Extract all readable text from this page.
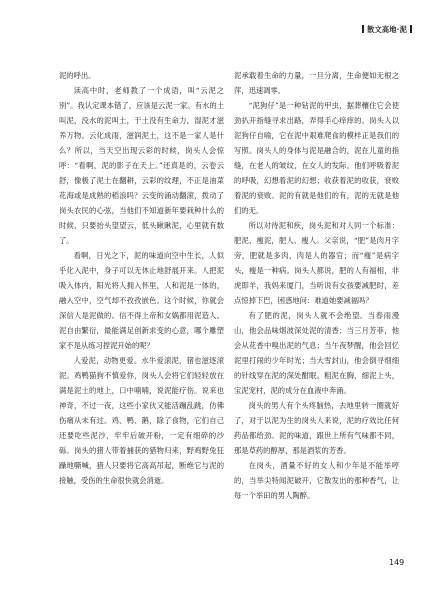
散文高地·泥

泥的呼出。

读高中时，老师教了一个成语，叫“云泥之别”。我认定课本错了，应该是云泥一家。有水的土叫泥，没水的泥叫土，干土没有生命力，湿泥才滋养万物。云化成雨，滋润泥土，这不是一家人是什么？所以，当天空出现云彩的时候，岗头人会惊呼：“看啊，泥的影子在天上。”还真是的，云卷云舒，像极了泥土在翻耕，云彩的纹理，不正是油菜花海或是成熟的稻浪吗？云变的涌动翻滚，拨动了岗头农民的心弦，当他们不知道新年要栽种什么的时候，只要抬头望望云，低头瞅瞅泥，心里就有数了。

看啊，日光之下，泥的味道向空中生长，人似乎化入泥中，身子可以无休止地舒展开来。人把泥吸入体内，阳光将人拥入怀里，人和泥是一体的，融入空中，空气却不孜孜嵌色。这个时候，你就会深信人是泥做的。信不得上帝和女娲都用泥造人。泥自由繁衍，最能满足创新求变的心意，哪个雕塑家不是从练习捏泥开始的呢？

人爱泥，动物更爱。水牛爱滚泥，猪也滋逐滚泥。鸡鸭猫狗不慎爱你，岗头人会将它们轻轻放在满是泥土的地上，口中喃喃，说泥能疗伤。说来也神奇，不过一夜，这些小家伙又能活蹦乱跳，仿佛伤痛从未有过。鸡、鸭、鹅，除了食物，它们自己还要吃些泥沙，牢牢后破开粉，一定有细碎的沙砾。岗头的猪人带着捕获的猎物归来，野鸡野兔狂躁地嘶喊，猎人只要将它高高吊起，断绝它与泥的接触，受伤的生命很快就会消逝。

泥承载着生命的力量，一旦分离，生命便如无根之萍，迅速凋零。

“泥狗仔”是一种钻泥的甲虫，据葬穰住它会使劲扒开指缝寻求出路，弄得手心痒痒的。岗头人以泥狗仔自喻，它在泥中艰难爬食的模样正是我们的写照。岗头人的身体与泥是融合的，泥在儿童的指缝，在老人的皱纹，在女人的发际。他们呼吸着泥的呼吸，幻想着泥的幻想；收获着泥的收获，衰败着泥的衰败。泥的有就是他们的有，泥的无就是他们的无。

所以对待泥和疾，岗头泥和对人同一个标准：肥泥、瘦泥，肥人、瘦人。父亲说，“肥”是肉月字旁，肥就是多肉，肉是人的器官；而“瘦”是病字头，瘦是一种病。岗头人都说，肥的人有福相，非虎即羊，我妈来厦门，当听说有女孩要减肥时，差点惊掉下巴，困惑地问：难道她要减福吗？

有了肥的泥，岗头人就不会绝望。当春雨漫山，他会品味烟波深处泥的清香；当三月芳菲，他会从花香中嗅出泥的气息；当午夜梦醒，他会回忆泥里打闹的少年时光；当大雪封山，他会倒寻细细的针线穿在泥的深处酣眠。粗泥在胸，细泥上头，宝泥宠村，泥的成分在血液中奔涌。

岗头的男人有个头疼脑热，去地里转一圈就好了，对于以泥为生的岗头人来说，泥的疗效比任何药品都给劲。泥的味道，跟世上所有气味都不同，那是草药的醇厚，那是酒浆的芳香。

在岗头，酒量不好的女人和少年是不能举哼的，当举尖特闻泥破开，它散发出的那种香气，让每一个举田的男人陶醉。

149
